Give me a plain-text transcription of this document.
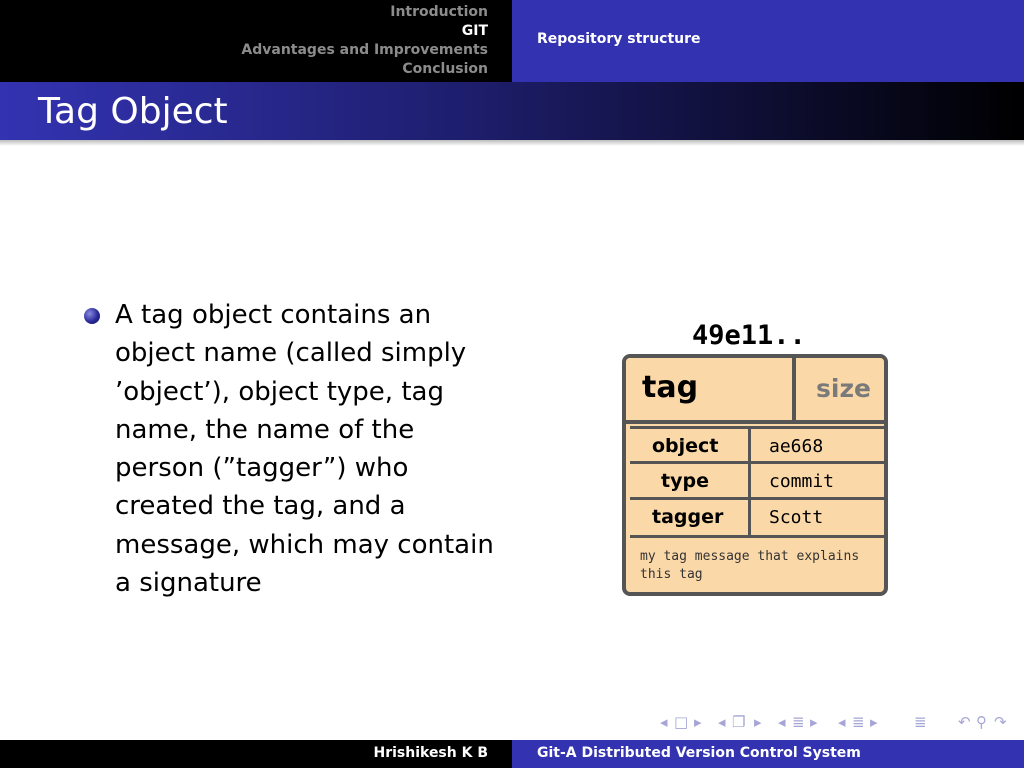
Introduction
GIT
Advantages and Improvements
Conclusion
Repository structure
Tag Object
A tag object contains an object name (called simply ’object’), object type, tag name, the name of the person (”tagger”) who created the tag, and a message, which may contain a signature
49e11..
tag	size
object	ae668
type	commit
tagger	Scott
my tag message that explains this tag
◂ □ ▸ ◂ ❐ ▸ ◂ ≣ ▸ ◂ ≣ ▸ ≣ ↶ ⚲ ↷
Hrishikesh K B	Git-A Distributed Version Control System
